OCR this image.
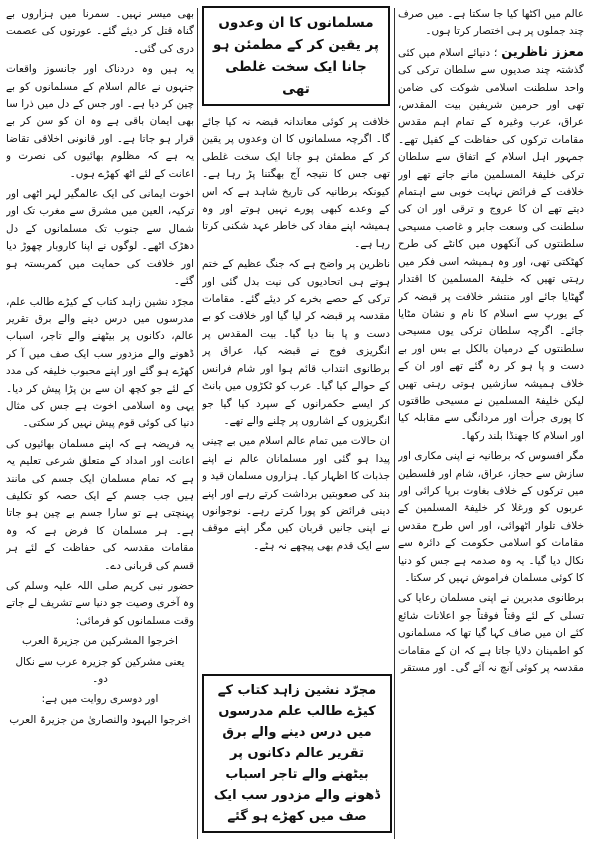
عالم میں اکٹھا کیا جا سکتا ہے۔ میں صرف چند جملوں پر ہی اختصار کرتا ہوں۔

معزز ناظرین ؛ دنیائے اسلام میں کئی گذشتہ چند صدیوں سے سلطان ترکی کی واحد سلطنت اسلامی شوکت کی ضامن تھی اور حرمین شریفین بیت المقدس، عراق، عرب وغیرہ کے تمام اہم مقدس مقامات ترکوں کی حفاظت کے کفیل تھے۔ جمہور اہل اسلام کے اتفاق سے سلطان ترکی خلیفۃ المسلمین مانے جاتے تھے اور خلافت کے فرائض نہایت خوبی سے اہتمام دیتے تھے ان کا عروج و ترقی اور ان کی سلطنت کی وسعت جابر و غاصب مسیحی سلطنتوں کی آنکھوں میں کانٹے کی طرح کھٹکتی تھی، اور وہ ہمیشہ اسی فکر میں رہتی تھیں کہ خلیفۃ المسلمین کا اقتدار گھٹایا جائے اور منتشر خلافت پر قبضہ کر کے یورپ سے اسلام کا نام و نشان مٹایا جائے۔ اگرچہ سلطان ترکی یوں مسیحی سلطنتوں کے درمیان بالکل بے بس اور بے دست و پا ہو کر رہ گئے تھے اور ان کے خلاف ہمیشہ سازشیں ہوتی رہتی تھیں لیکن خلیفۃ المسلمین نے مسیحی طاقتوں کا پوری جرأت اور مردانگی سے مقابلہ کیا اور اسلام کا جھنڈا بلند رکھا۔

مگر افسوس کہ برطانیہ نے اپنی مکاری اور سازش سے حجاز، عراق، شام اور فلسطین میں ترکوں کے خلاف بغاوت برپا کرائی اور عربوں کو ورغلا کر خلیفۃ المسلمین کے خلاف تلوار اٹھوائی، اور اس طرح مقدس مقامات کو اسلامی حکومت کے دائرہ سے نکال دیا گیا۔ یہ وہ صدمہ ہے جس کو دنیا کا کوئی مسلمان فراموش نہیں کر سکتا۔

برطانوی مدبرین نے اپنی مسلمان رعایا کی تسلی کے لئے وقتاً فوقتاً جو اعلانات شائع کئے ان میں صاف کہا گیا تھا کہ مسلمانوں کو اطمینان دلایا جاتا ہے کہ ان کے مقامات مقدسہ پر کوئی آنچ نہ آئے گی۔ اور مستقر

مسلمانوں کا ان وعدوں پر یقین کر کے مطمئن ہو جانا ایک سخت غلطی تھی

خلافت پر کوئی معاندانہ قبضہ نہ کیا جائے گا۔ اگرچہ مسلمانوں کا ان وعدوں پر یقین کر کے مطمئن ہو جانا ایک سخت غلطی تھی جس کا نتیجہ آج بھگتنا پڑ رہا ہے۔ کیونکہ برطانیہ کی تاریخ شاہد ہے کہ اس کے وعدے کبھی پورے نہیں ہوتے اور وہ ہمیشہ اپنے مفاد کی خاطر عہد شکنی کرتا رہا ہے۔

ناظرین پر واضح ہے کہ جنگ عظیم کے ختم ہوتے ہی اتحادیوں کی نیت بدل گئی اور ترکی کے حصے بخرے کر دیئے گئے۔ مقامات مقدسہ پر قبضہ کر لیا گیا اور خلافت کو بے دست و پا بنا دیا گیا۔ بیت المقدس پر انگریزی فوج نے قبضہ کیا، عراق پر برطانوی انتداب قائم ہوا اور شام فرانس کے حوالے کیا گیا۔ عرب کو ٹکڑوں میں بانٹ کر ایسے حکمرانوں کے سپرد کیا گیا جو انگریزوں کے اشاروں پر چلنے والے تھے۔

ان حالات میں تمام عالم اسلام میں بے چینی پیدا ہو گئی اور مسلمانان عالم نے اپنے جذبات کا اظہار کیا۔ ہزاروں مسلمان قید و بند کی صعوبتیں برداشت کرتے رہے اور اپنے دینی فرائض کو پورا کرتے رہے۔ نوجوانوں نے اپنی جانیں قربان کیں مگر اپنے موقف سے ایک قدم بھی پیچھے نہ ہٹے۔

مجرّد نشین زاہد کتاب کے کیڑے طالب علم مدرسوں میں درس دینے والے برق تقریر عالم دکانوں پر بیٹھنے والے تاجر اسباب ڈھونے والے مزدور سب ایک صف میں کھڑے ہو گئے

بھی میسر نہیں۔ سمرنا میں ہزاروں بے گناہ قتل کر دیئے گئے۔ عورتوں کی عصمت دری کی گئی۔

یہ ہیں وہ دردناک اور جانسوز واقعات جنہوں نے عالم اسلام کے مسلمانوں کو بے چین کر دیا ہے۔ اور جس کے دل میں ذرا سا بھی ایمان باقی ہے وہ ان کو سن کر بے قرار ہو جاتا ہے۔ اور قانونی اخلاقی تقاضا یہ ہے کہ مظلوم بھائیوں کی نصرت و اعانت کے لئے اٹھ کھڑے ہوں۔

اخوت ایمانی کی ایک عالمگیر لہر اٹھی اور ترکیہ، العین میں مشرق سے مغرب تک اور شمال سے جنوب تک مسلمانوں کے دل دھڑک اٹھے۔ لوگوں نے اپنا کاروبار چھوڑ دیا اور خلافت کی حمایت میں کمربستہ ہو گئے۔

مجرّد نشین زاہد کتاب کے کیڑے طالب علم، مدرسوں میں درس دینے والے برق تقریر عالم، دکانوں پر بیٹھنے والے تاجر، اسباب ڈھونے والے مزدور سب ایک صف میں آ کر کھڑے ہو گئے اور اپنے محبوب خلیفہ کی مدد کے لئے جو کچھ ان سے بن پڑا پیش کر دیا۔ یہی وہ اسلامی اخوت ہے جس کی مثال دنیا کی کوئی قوم پیش نہیں کر سکتی۔

یہ فریضہ ہے کہ اپنے مسلمان بھائیوں کی اعانت اور امداد کے متعلق شرعی تعلیم یہ ہے کہ تمام مسلمان ایک جسم کی مانند ہیں جب جسم کے ایک حصہ کو تکلیف پہنچتی ہے تو سارا جسم بے چین ہو جاتا ہے۔ ہر مسلمان کا فرض ہے کہ وہ مقامات مقدسہ کی حفاظت کے لئے ہر قسم کی قربانی دے۔

حضور نبی کریم صلی اللہ علیہ وسلم کی وہ آخری وصیت جو دنیا سے تشریف لے جاتے وقت مسلمانوں کو فرمائی:

اخرجوا المشرکین من جزیرۃ العرب

یعنی مشرکین کو جزیرہ عرب سے نکال دو۔

اور دوسری روایت میں ہے:

اخرجوا الیہود والنصاریٰ من جزیرۃ العرب
